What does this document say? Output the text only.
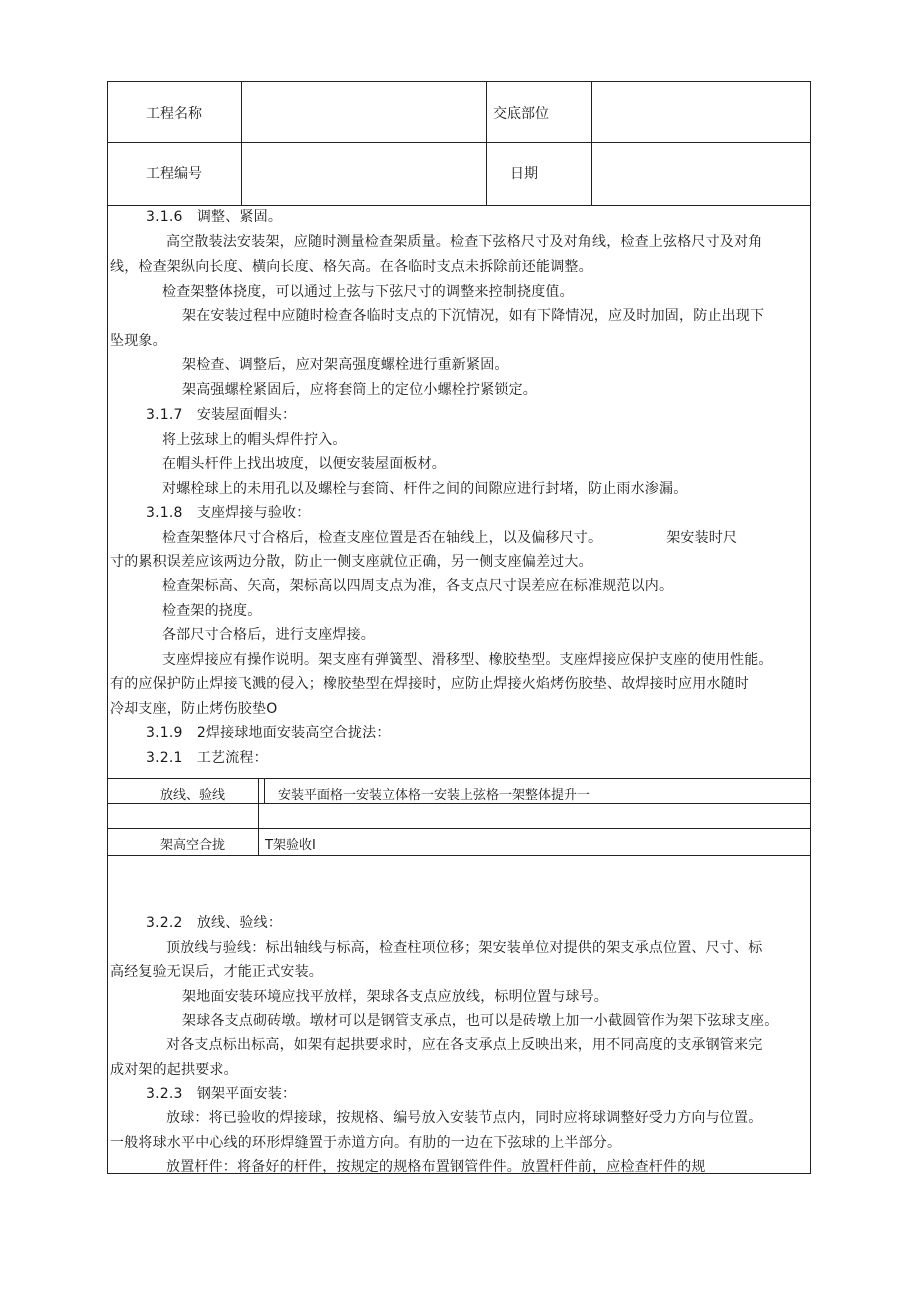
工程名称	交底部位
工程编号	日期
3.1.6　调整、紧固。
高空散装法安装架，应随时测量检查架质量。检查下弦格尺寸及对角线，检查上弦格尺寸及对角
线，检查架纵向长度、横向长度、格矢高。在各临时支点未拆除前还能调整。
检查架整体挠度，可以通过上弦与下弦尺寸的调整来控制挠度值。
架在安装过程中应随时检查各临时支点的下沉情况，如有下降情况，应及时加固，防止出现下
坠现象。
架检查、调整后，应对架高强度螺栓进行重新紧固。
架高强螺栓紧固后，应将套筒上的定位小螺栓拧紧锁定。
3.1.7　安装屋面帽头：
将上弦球上的帽头焊件拧入。
在帽头杆件上找出坡度，以便安装屋面板材。
对螺栓球上的未用孔以及螺栓与套筒、杆件之间的间隙应进行封堵，防止雨水渗漏。
3.1.8　支座焊接与验收：
检查架整体尺寸合格后，检查支座位置是否在轴线上，以及偏移尺寸。　　　　　架安装时尺
寸的累积误差应该两边分散，防止一侧支座就位正确，另一侧支座偏差过大。
检查架标高、矢高，架标高以四周支点为准，各支点尺寸误差应在标准规范以内。
检查架的挠度。
各部尺寸合格后，进行支座焊接。
支座焊接应有操作说明。架支座有弹簧型、滑移型、橡胶垫型。支座焊接应保护支座的使用性能。
有的应保护防止焊接飞溅的侵入；橡胶垫型在焊接时，应防止焊接火焰烤伤胶垫、故焊接时应用水随时
冷却支座，防止烤伤胶垫O
3.1.9　2焊接球地面安装高空合拢法：
3.2.1　工艺流程：
放线、验线	安装平面格一安装立体格一安装上弦格一架整体提升一
架高空合拢	T架验收I
3.2.2　放线、验线：
顶放线与验线：标出轴线与标高，检查柱项位移；架安装单位对提供的架支承点位置、尺寸、标
高经复验无误后，才能正式安装。
架地面安装环境应找平放样，架球各支点应放线，标明位置与球号。
架球各支点砌砖墩。墩材可以是钢管支承点，也可以是砖墩上加一小截圆管作为架下弦球支座。
对各支点标出标高，如架有起拱要求时，应在各支承点上反映出来，用不同高度的支承钢管来完
成对架的起拱要求。
3.2.3　钢架平面安装：
放球：将已验收的焊接球，按规格、编号放入安装节点内，同时应将球调整好受力方向与位置。
一般将球水平中心线的环形焊缝置于赤道方向。有肋的一边在下弦球的上半部分。
放置杆件：将备好的杆件，按规定的规格布置钢管件件。放置杆件前，应检查杆件的规
